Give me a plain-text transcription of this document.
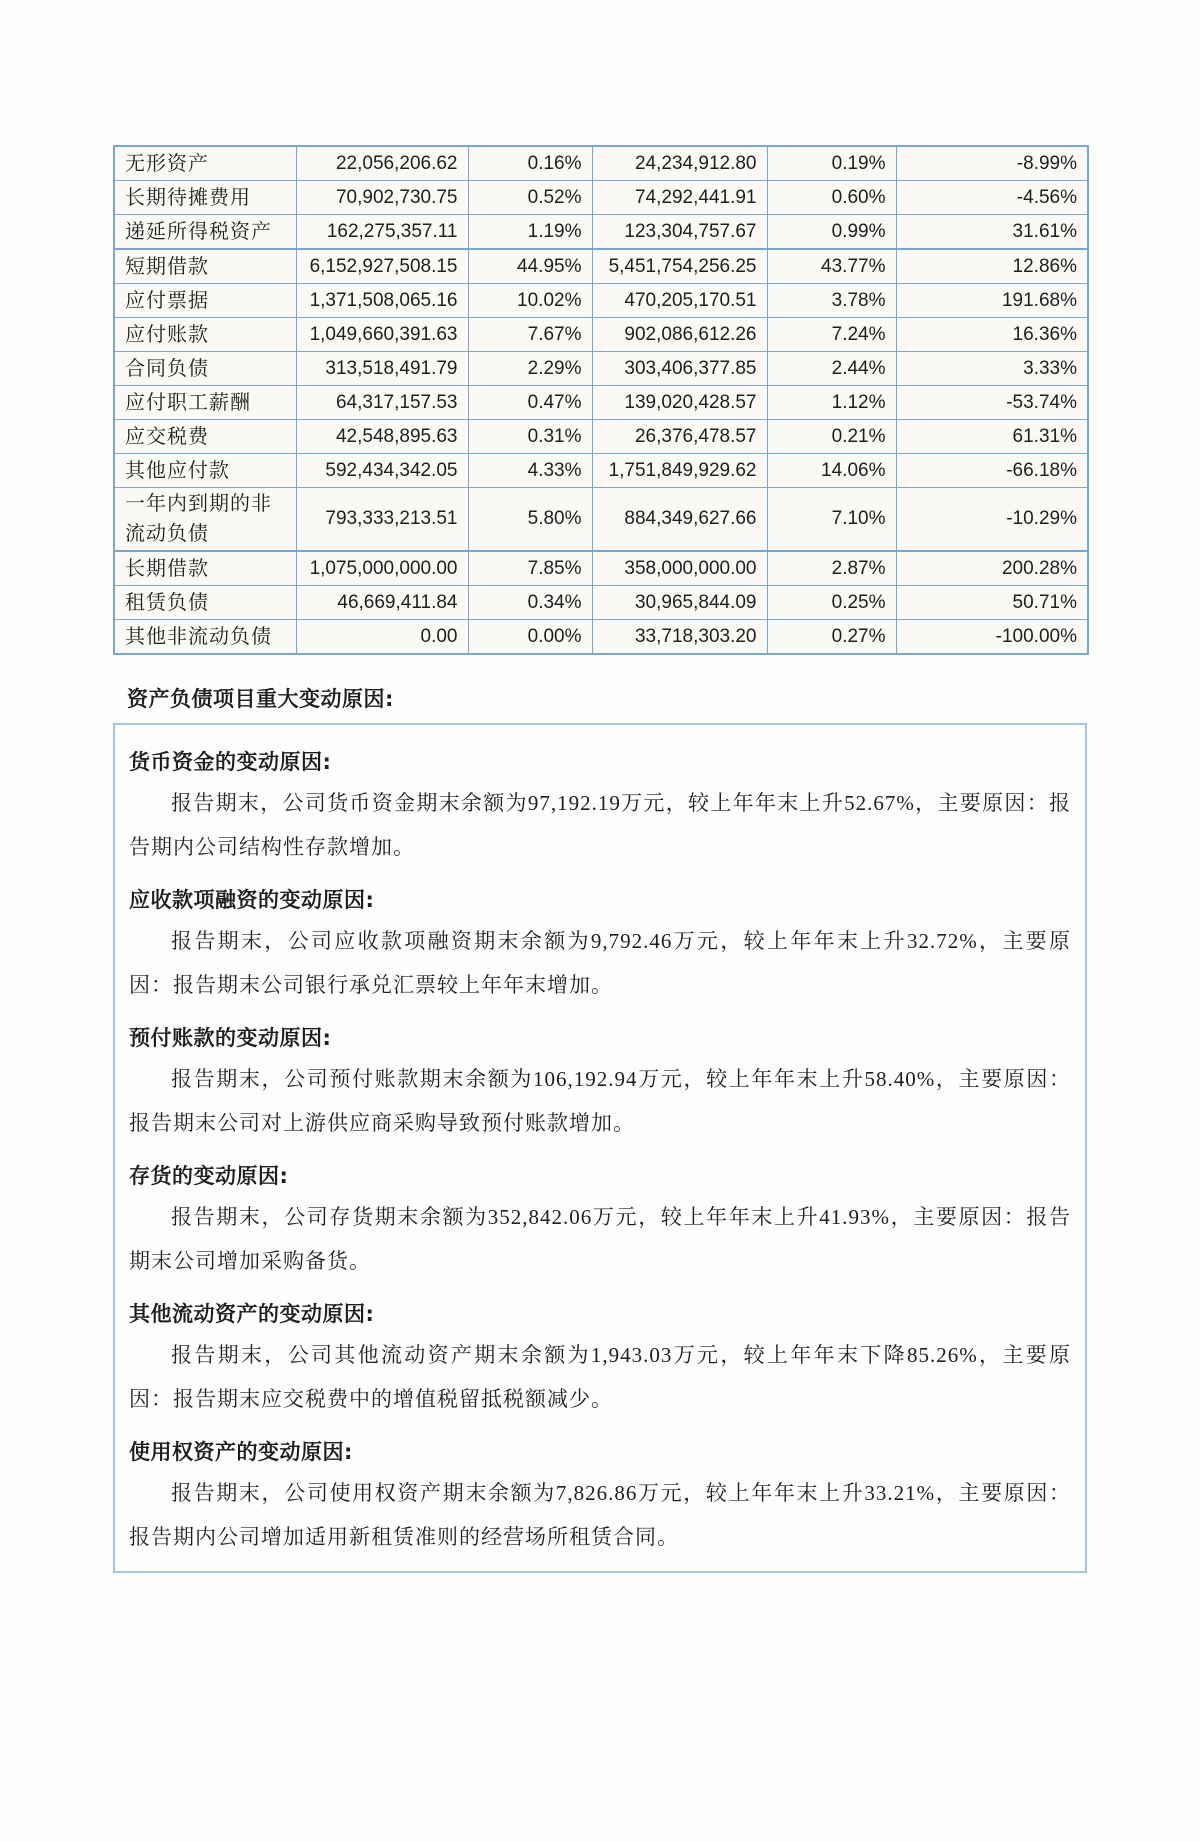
无形资产	22,056,206.62	0.16%	24,234,912.80	0.19%	-8.99%
长期待摊费用	70,902,730.75	0.52%	74,292,441.91	0.60%	-4.56%
递延所得税资产	162,275,357.11	1.19%	123,304,757.67	0.99%	31.61%
短期借款	6,152,927,508.15	44.95%	5,451,754,256.25	43.77%	12.86%
应付票据	1,371,508,065.16	10.02%	470,205,170.51	3.78%	191.68%
应付账款	1,049,660,391.63	7.67%	902,086,612.26	7.24%	16.36%
合同负债	313,518,491.79	2.29%	303,406,377.85	2.44%	3.33%
应付职工薪酬	64,317,157.53	0.47%	139,020,428.57	1.12%	-53.74%
应交税费	42,548,895.63	0.31%	26,376,478.57	0.21%	61.31%
其他应付款	592,434,342.05	4.33%	1,751,849,929.62	14.06%	-66.18%
一年内到期的非流动负债	793,333,213.51	5.80%	884,349,627.66	7.10%	-10.29%
长期借款	1,075,000,000.00	7.85%	358,000,000.00	2.87%	200.28%
租赁负债	46,669,411.84	0.34%	30,965,844.09	0.25%	50.71%
其他非流动负债	0.00	0.00%	33,718,303.20	0.27%	-100.00%
资产负债项目重大变动原因:
货币资金的变动原因:

报告期末，公司货币资金期末余额为97,192.19万元，较上年年末上升52.67%，主要原因：报告期内公司结构性存款增加。

应收款项融资的变动原因:

报告期末，公司应收款项融资期末余额为9,792.46万元，较上年年末上升32.72%，主要原因：报告期末公司银行承兑汇票较上年年末增加。

预付账款的变动原因:

报告期末，公司预付账款期末余额为106,192.94万元，较上年年末上升58.40%，主要原因：报告期末公司对上游供应商采购导致预付账款增加。

存货的变动原因:

报告期末，公司存货期末余额为352,842.06万元，较上年年末上升41.93%，主要原因：报告期末公司增加采购备货。

其他流动资产的变动原因:

报告期末，公司其他流动资产期末余额为1,943.03万元，较上年年末下降85.26%，主要原因：报告期末应交税费中的增值税留抵税额减少。

使用权资产的变动原因:

报告期末，公司使用权资产期末余额为7,826.86万元，较上年年末上升33.21%，主要原因：报告期内公司增加适用新租赁准则的经营场所租赁合同。
